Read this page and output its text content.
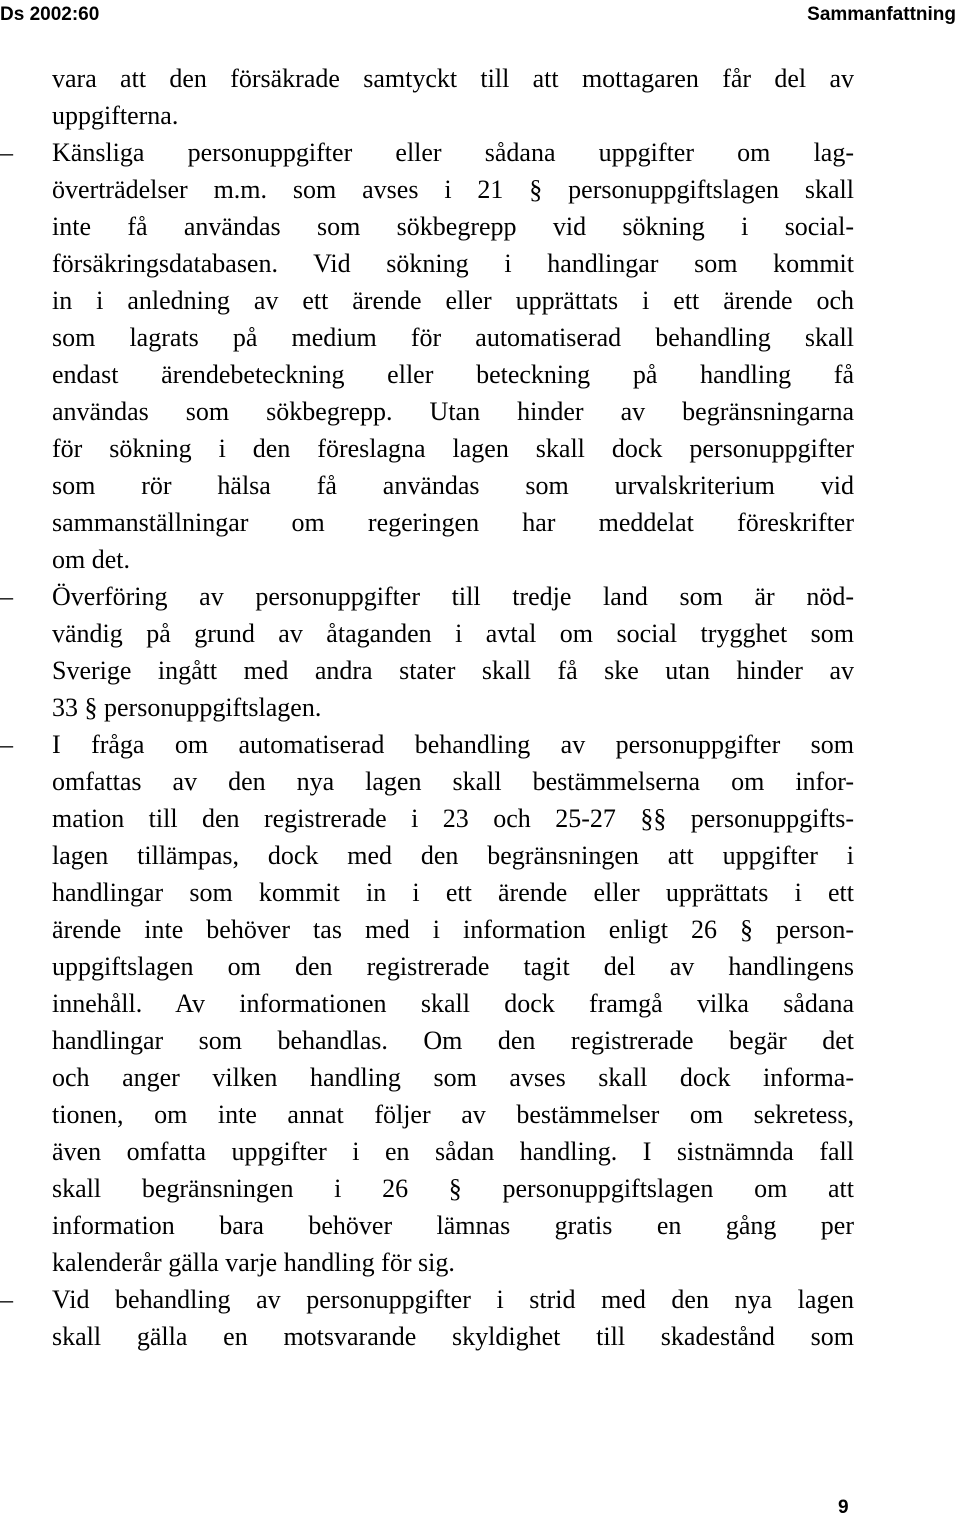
Ds 2002:60	Sammanfattning
vara att den försäkrade samtyckt till att mottagaren får del av
uppgifterna.
–	Känsliga personuppgifter eller sådana uppgifter om lag-
överträdelser m.m. som avses i 21 § personuppgiftslagen skall
inte få användas som sökbegrepp vid sökning i social-
försäkringsdatabasen. Vid sökning i handlingar som kommit
in i anledning av ett ärende eller upprättats i ett ärende och
som lagrats på medium för automatiserad behandling skall
endast ärendebeteckning eller beteckning på handling få
användas som sökbegrepp. Utan hinder av begränsningarna
för sökning i den föreslagna lagen skall dock personuppgifter
som rör hälsa få användas som urvalskriterium vid
sammanställningar om regeringen har meddelat föreskrifter
om det.
–	Överföring av personuppgifter till tredje land som är nöd-
vändig på grund av åtaganden i avtal om social trygghet som
Sverige ingått med andra stater skall få ske utan hinder av
33 § personuppgiftslagen.
–	I fråga om automatiserad behandling av personuppgifter som
omfattas av den nya lagen skall bestämmelserna om infor-
mation till den registrerade i 23 och 25-27 §§ personuppgifts-
lagen tillämpas, dock med den begränsningen att uppgifter i
handlingar som kommit in i ett ärende eller upprättats i ett
ärende inte behöver tas med i information enligt 26 § person-
uppgiftslagen om den registrerade tagit del av handlingens
innehåll. Av informationen skall dock framgå vilka sådana
handlingar som behandlas. Om den registrerade begär det
och anger vilken handling som avses skall dock informa-
tionen, om inte annat följer av bestämmelser om sekretess,
även omfatta uppgifter i en sådan handling. I sistnämnda fall
skall begränsningen i 26 § personuppgiftslagen om att
information bara behöver lämnas gratis en gång per
kalenderår gälla varje handling för sig.
–	Vid behandling av personuppgifter i strid med den nya lagen
skall gälla en motsvarande skyldighet till skadestånd som
9
